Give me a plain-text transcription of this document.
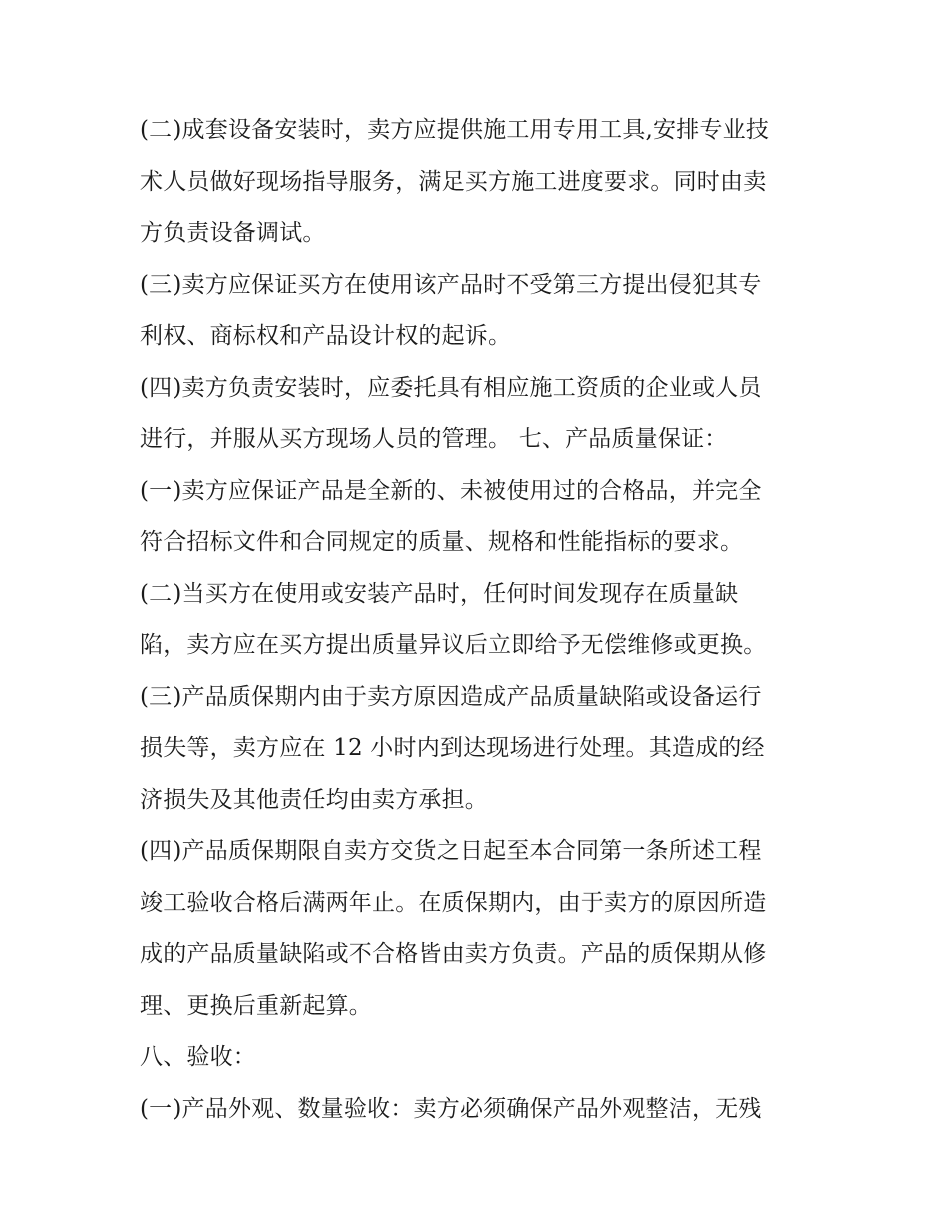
(二)成套设备安装时，卖方应提供施工用专用工具,安排专业技
术人员做好现场指导服务，满足买方施工进度要求。同时由卖
方负责设备调试。
(三)卖方应保证买方在使用该产品时不受第三方提出侵犯其专
利权、商标权和产品设计权的起诉。
(四)卖方负责安装时，应委托具有相应施工资质的企业或人员
进行，并服从买方现场人员的管理。 七、产品质量保证：
(一)卖方应保证产品是全新的、未被使用过的合格品，并完全
符合招标文件和合同规定的质量、规格和性能指标的要求。
(二)当买方在使用或安装产品时，任何时间发现存在质量缺
陷，卖方应在买方提出质量异议后立即给予无偿维修或更换。
(三)产品质保期内由于卖方原因造成产品质量缺陷或设备运行
损失等，卖方应在 12 小时内到达现场进行处理。其造成的经
济损失及其他责任均由卖方承担。
(四)产品质保期限自卖方交货之日起至本合同第一条所述工程
竣工验收合格后满两年止。在质保期内，由于卖方的原因所造
成的产品质量缺陷或不合格皆由卖方负责。产品的质保期从修
理、更换后重新起算。
八、验收：
(一)产品外观、数量验收：卖方必须确保产品外观整洁，无残
